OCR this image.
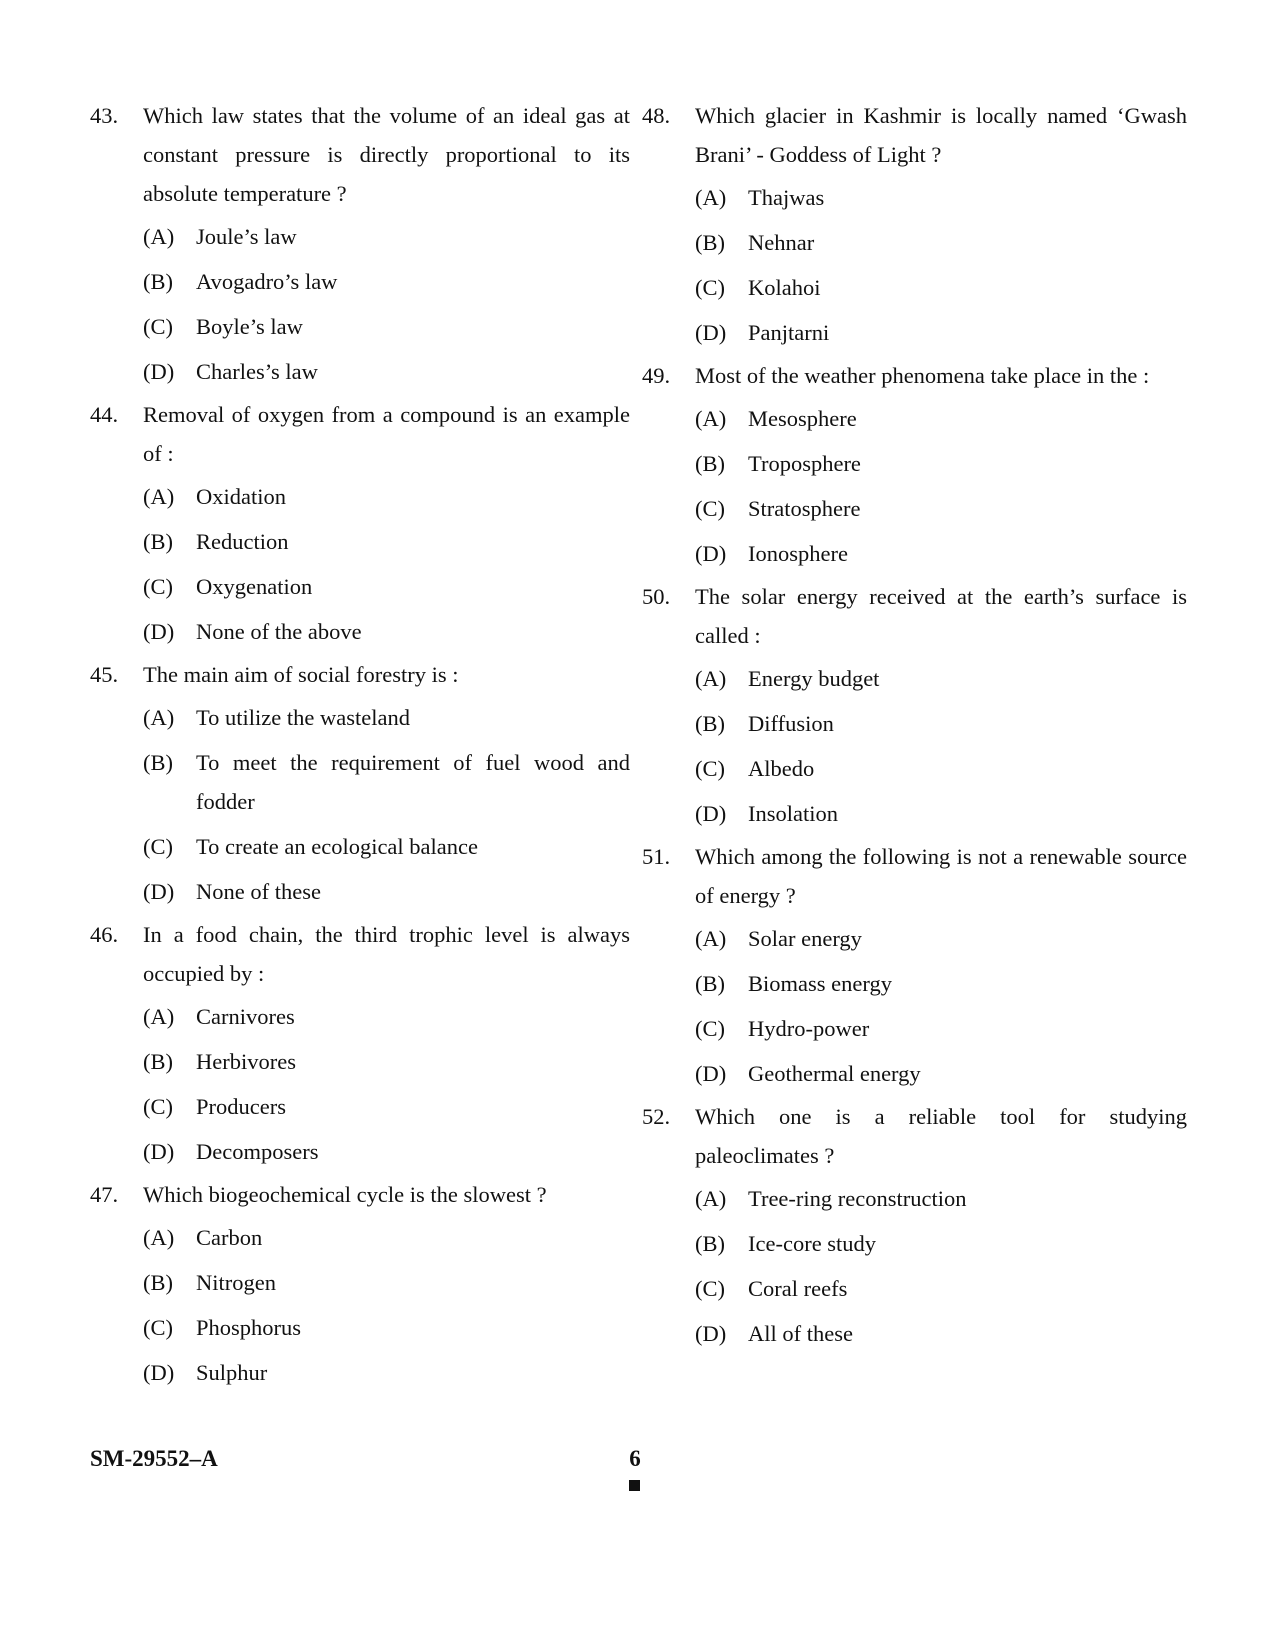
43.	Which law states that the volume of an ideal gas at constant pressure is directly proportional to its absolute temperature ?
(A) Joule’s law
(B)	Avogadro’s law
(C)	Boyle’s law
(D) Charles’s law
44.	Removal of oxygen from a compound is an example of :
(A) Oxidation
(B)	Reduction
(C)	Oxygenation
(D) None of the above
45.	The main aim of social forestry is :
(A) To utilize the wasteland
(B)	To meet the requirement of fuel wood and fodder
(C)	To create an ecological balance
(D) None of these
46.	In a food chain, the third trophic level is always occupied by :
(A) Carnivores
(B)	Herbivores
(C)	Producers
(D) Decomposers
47.	Which biogeochemical cycle is the slowest ?
(A) Carbon
(B)	Nitrogen
(C)	Phosphorus
(D) Sulphur
48.	Which glacier in Kashmir is locally named ‘Gwash Brani’ - Goddess of Light ?
(A) Thajwas
(B)	Nehnar
(C)	Kolahoi
(D) Panjtarni
49.	Most of the weather phenomena take place in the :
(A) Mesosphere
(B)	Troposphere
(C)	Stratosphere
(D) Ionosphere
50.	The solar energy received at the earth’s surface is called :
(A) Energy budget
(B)	Diffusion
(C)	Albedo
(D) Insolation
51.	Which among the following is not a renewable source of energy ?
(A) Solar energy
(B)	Biomass energy
(C)	Hydro-power
(D) Geothermal energy
52.	Which one is a reliable tool for studying paleoclimates ?
(A) Tree-ring reconstruction
(B)	Ice-core study
(C)	Coral reefs
(D) All of these
SM-29552–A	6
